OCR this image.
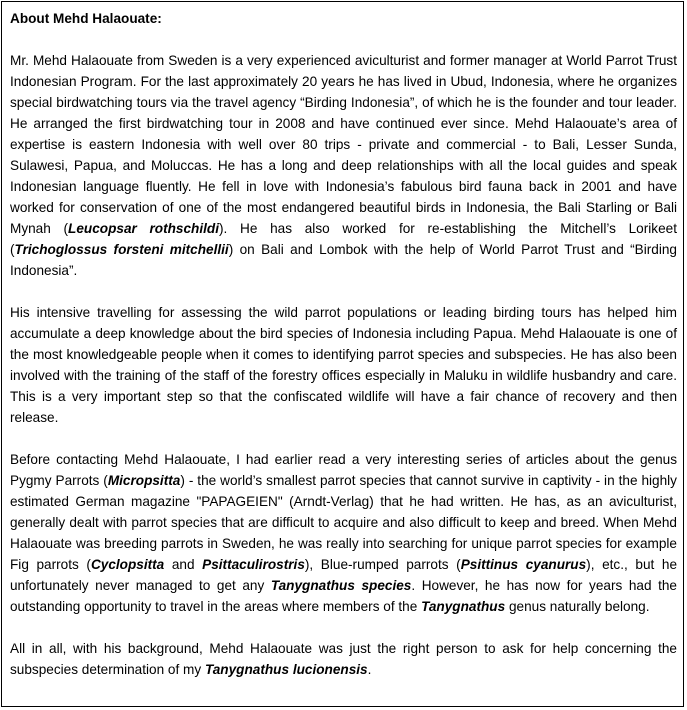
About Mehd Halaouate:

Mr. Mehd Halaouate from Sweden is a very experienced aviculturist and former manager at World Parrot Trust Indonesian Program. For the last approximately 20 years he has lived in Ubud, Indonesia, where he organizes special birdwatching tours via the travel agency “Birding Indonesia”, of which he is the founder and tour leader. He arranged the first birdwatching tour in 2008 and have continued ever since. Mehd Halaouate’s area of expertise is eastern Indonesia with well over 80 trips - private and commercial - to Bali, Lesser Sunda, Sulawesi, Papua, and Moluccas. He has a long and deep relationships with all the local guides and speak Indonesian language fluently. He fell in love with Indonesia’s fabulous bird fauna back in 2001 and have worked for conservation of one of the most endangered beautiful birds in Indonesia, the Bali Starling or Bali Mynah (Leucopsar rothschildi). He has also worked for re-establishing the Mitchell’s Lorikeet (Trichoglossus forsteni mitchellii) on Bali and Lombok with the help of World Parrot Trust and “Birding Indonesia”.

His intensive travelling for assessing the wild parrot populations or leading birding tours has helped him accumulate a deep knowledge about the bird species of Indonesia including Papua. Mehd Halaouate is one of the most knowledgeable people when it comes to identifying parrot species and subspecies. He has also been involved with the training of the staff of the forestry offices especially in Maluku in wildlife husbandry and care. This is a very important step so that the confiscated wildlife will have a fair chance of recovery and then release.

Before contacting Mehd Halaouate, I had earlier read a very interesting series of articles about the genus Pygmy Parrots (Micropsitta) - the world’s smallest parrot species that cannot survive in captivity - in the highly estimated German magazine "PAPAGEIEN" (Arndt-Verlag) that he had written. He has, as an aviculturist, generally dealt with parrot species that are difficult to acquire and also difficult to keep and breed. When Mehd Halaouate was breeding parrots in Sweden, he was really into searching for unique parrot species for example Fig parrots (Cyclopsitta and Psittaculirostris), Blue-rumped parrots (Psittinus cyanurus), etc., but he unfortunately never managed to get any Tanygnathus species. However, he has now for years had the outstanding opportunity to travel in the areas where members of the Tanygnathus genus naturally belong.

All in all, with his background, Mehd Halaouate was just the right person to ask for help concerning the subspecies determination of my Tanygnathus lucionensis.
